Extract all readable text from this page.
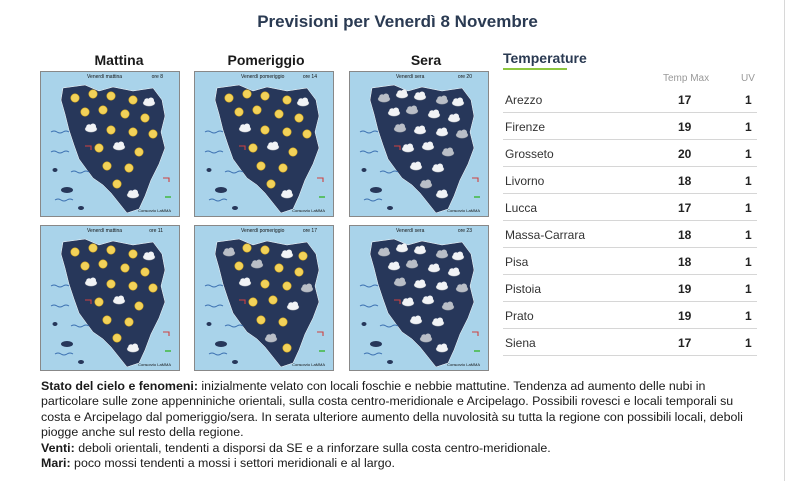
Previsioni per Venerdì 8 Novembre
Mattina	Pomeriggio	Sera
Venerdì mattina	ore 8
Consorzio LaMMA
Venerdì pomeriggio	ore 14
Consorzio LaMMA
Venerdì sera	ore 20
Consorzio LaMMA
Venerdì mattina	ore 11
Consorzio LaMMA
Venerdì pomeriggio	ore 17
Consorzio LaMMA
Venerdì sera	ore 23
Consorzio LaMMA
Temperature
Temp Max	UV
Arezzo	17	1
Firenze	19	1
Grosseto	20	1
Livorno	18	1
Lucca	17	1
Massa-Carrara	18	1
Pisa	18	1
Pistoia	19	1
Prato	19	1
Siena	17	1

Stato del cielo e fenomeni: inizialmente velato con locali foschie e nebbie mattutine. Tendenza ad aumento delle nubi in particolare sulle zone appenniniche orientali, sulla costa centro-meridionale e Arcipelago. Possibili rovesci e locali temporali su costa e Arcipelago dal pomeriggio/sera. In serata ulteriore aumento della nuvolosità su tutta la regione con possibili locali, deboli piogge anche sul resto della regione.

Venti: deboli orientali, tendenti a disporsi da SE e a rinforzare sulla costa centro-meridionale.

Mari: poco mossi tendenti a mossi i settori meridionali e al largo.
